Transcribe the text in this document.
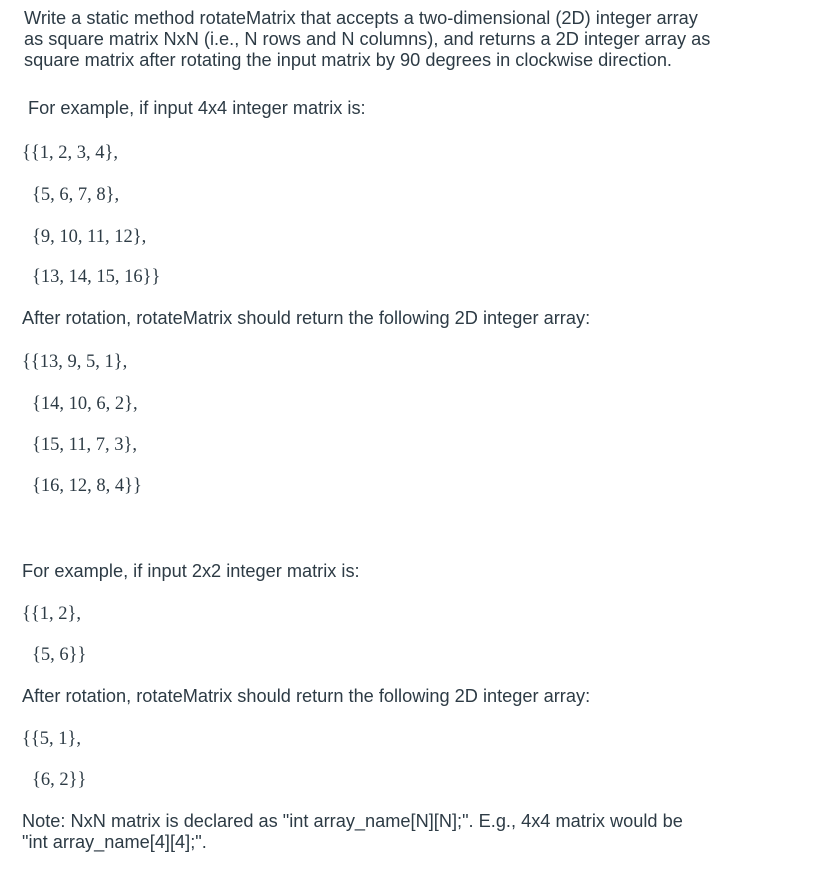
Write a static method rotateMatrix that accepts a two-dimensional (2D) integer array
as square matrix NxN (i.e., N rows and N columns), and returns a 2D integer array as
square matrix after rotating the input matrix by 90 degrees in clockwise direction.
For example, if input 4x4 integer matrix is:
{{1, 2, 3, 4},
{5, 6, 7, 8},
{9, 10, 11, 12},
{13, 14, 15, 16}}
After rotation, rotateMatrix should return the following 2D integer array:
{{13, 9, 5, 1},
{14, 10, 6, 2},
{15, 11, 7, 3},
{16, 12, 8, 4}}
For example, if input 2x2 integer matrix is:
{{1, 2},
{5, 6}}
After rotation, rotateMatrix should return the following 2D integer array:
{{5, 1},
{6, 2}}
Note: NxN matrix is declared as "int array_name[N][N];". E.g., 4x4 matrix would be
"int array_name[4][4];".
